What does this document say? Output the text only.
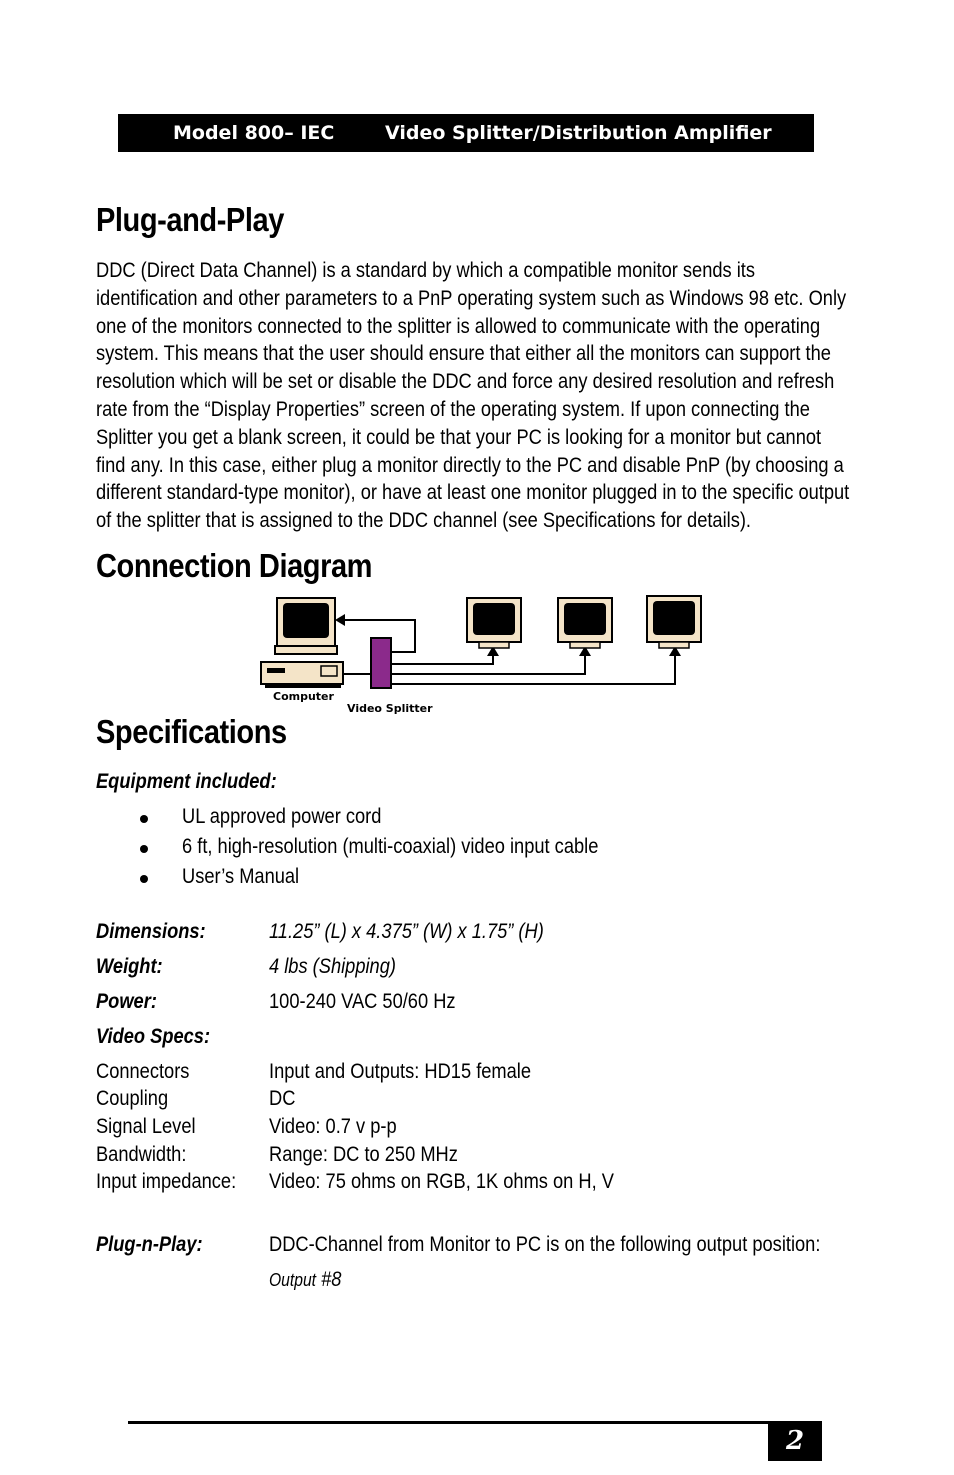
Model 800– IEC	Video Splitter/Distribution Amplifier
Plug-and-Play

DDC (Direct Data Channel) is a standard by which a compatible monitor sends its identification and other parameters to a PnP operating system such as Windows 98 etc. Only one of the monitors connected to the splitter is allowed to communicate with the operating system. This means that the user should ensure that either all the monitors can support the resolution which will be set or disable the DDC and force any desired resolution and refresh rate from the “Display Properties” screen of the operating system. If upon connecting the Splitter you get a blank screen, it could be that your PC is looking for a monitor but cannot find any. In this case, either plug a monitor directly to the PC and disable PnP (by choosing a different standard-type monitor), or have at least one monitor plugged in to the specific output of the splitter that is assigned to the DDC channel (see Specifications for details).

Connection Diagram
Computer
Video Splitter
Specifications
Equipment included:
UL approved power cord
6 ft, high-resolution (multi-coaxial) video input cable
User’s Manual
Dimensions:	11.25” (L) x 4.375” (W) x 1.75” (H)
Weight:	4 lbs (Shipping)
Power:	100-240 VAC 50/60 Hz
Video Specs:
Connectors	Input and Outputs: HD15 female
Coupling	DC
Signal Level	Video: 0.7 v p-p
Bandwidth:	Range: DC to 250 MHz
Input impedance:	Video: 75 ohms on RGB, 1K ohms on H, V
Plug-n-Play:	DDC-Channel from Monitor to PC is on the following output position:
Output #8
2
